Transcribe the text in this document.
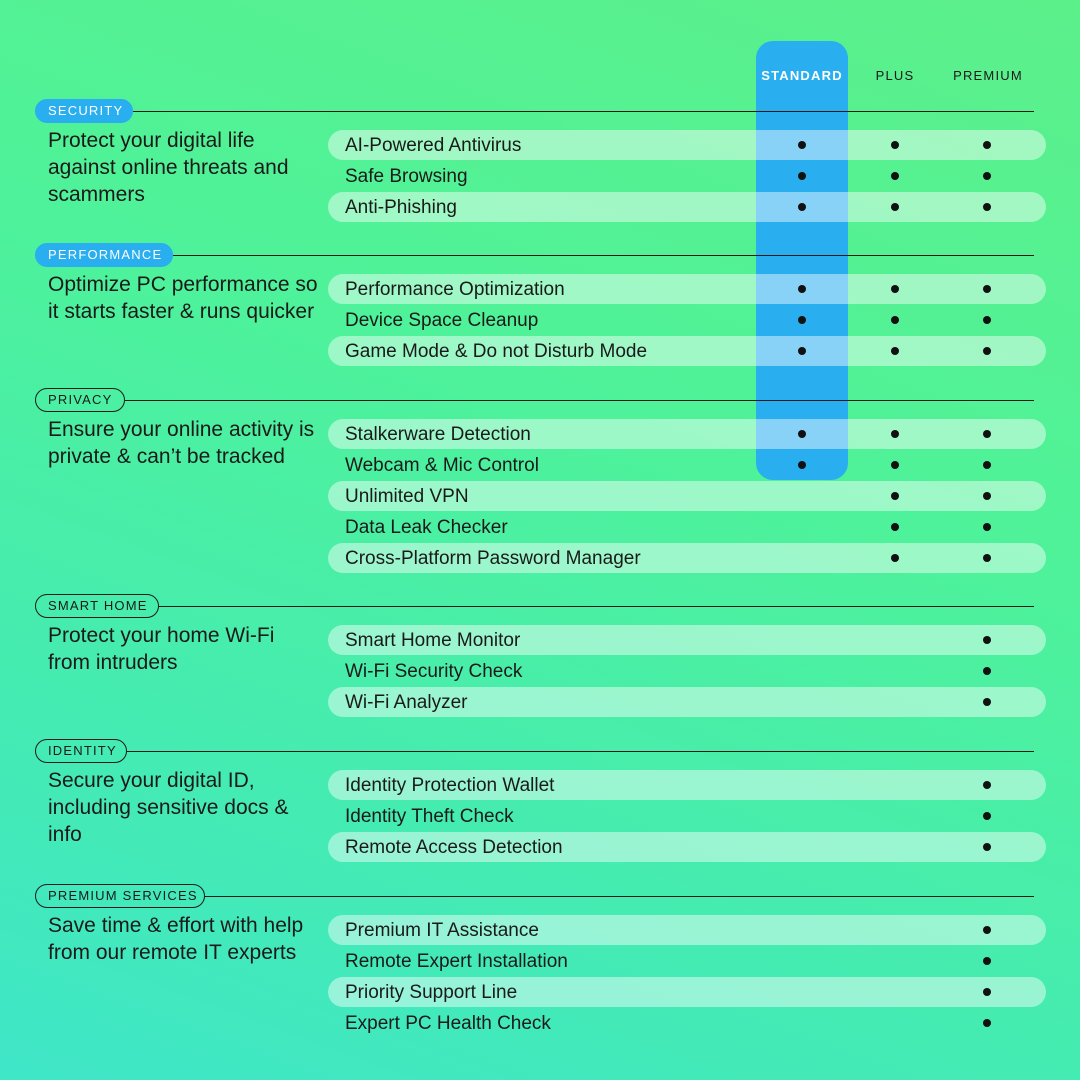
STANDARD	PLUS	PREMIUM
SECURITY
Protect your digital life against online threats and scammers
AI-Powered Antivirus
Safe Browsing
Anti-Phishing
PERFORMANCE
Optimize PC performance so it starts faster & runs quicker
Performance Optimization
Device Space Cleanup
Game Mode & Do not Disturb Mode
PRIVACY
Ensure your online activity is private & can’t be tracked
Stalkerware Detection
Webcam & Mic Control
Unlimited VPN
Data Leak Checker
Cross-Platform Password Manager
SMART HOME
Protect your home Wi-Fi from intruders
Smart Home Monitor
Wi-Fi Security Check
Wi-Fi Analyzer
IDENTITY
Secure your digital ID, including sensitive docs & info
Identity Protection Wallet
Identity Theft Check
Remote Access Detection
PREMIUM SERVICES
Save time & effort with help from our remote IT experts
Premium IT Assistance
Remote Expert Installation
Priority Support Line
Expert PC Health Check
